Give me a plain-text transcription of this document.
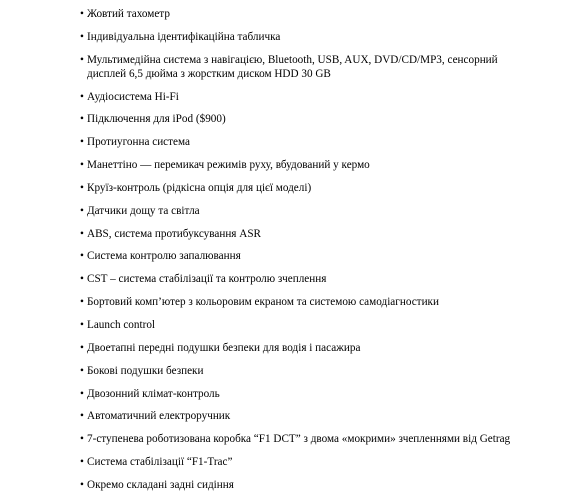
• Жовтий тахометр
• Індивідуальна ідентифікаційна табличка
• Мультимедійна система з навігацією, Bluetooth, USB, AUX, DVD/CD/MP3, сенсорний дисплей 6,5 дюйма з жорстким диском HDD 30 GB
• Аудіосистема Hi-Fi
• Підключення для iPod ($900)
• Протиугонна система
• Манеттіно — перемикач режимів руху, вбудований у кермо
• Круїз-контроль (рідкісна опція для цієї моделі)
• Датчики дощу та світла
• ABS, система протибуксування ASR
• Система контролю запалювання
• CST – система стабілізації та контролю зчеплення
• Бортовий комп’ютер з кольоровим екраном та системою самодіагностики
• Launch control
• Двоетапні передні подушки безпеки для водія і пасажира
• Бокові подушки безпеки
• Двозонний клімат-контроль
• Автоматичний електроручник
• 7-ступенева роботизована коробка “F1 DCT” з двома «мокрими» зчепленнями від Getrag
• Система стабілізації “F1-Trac”
• Окремо складані задні сидіння
